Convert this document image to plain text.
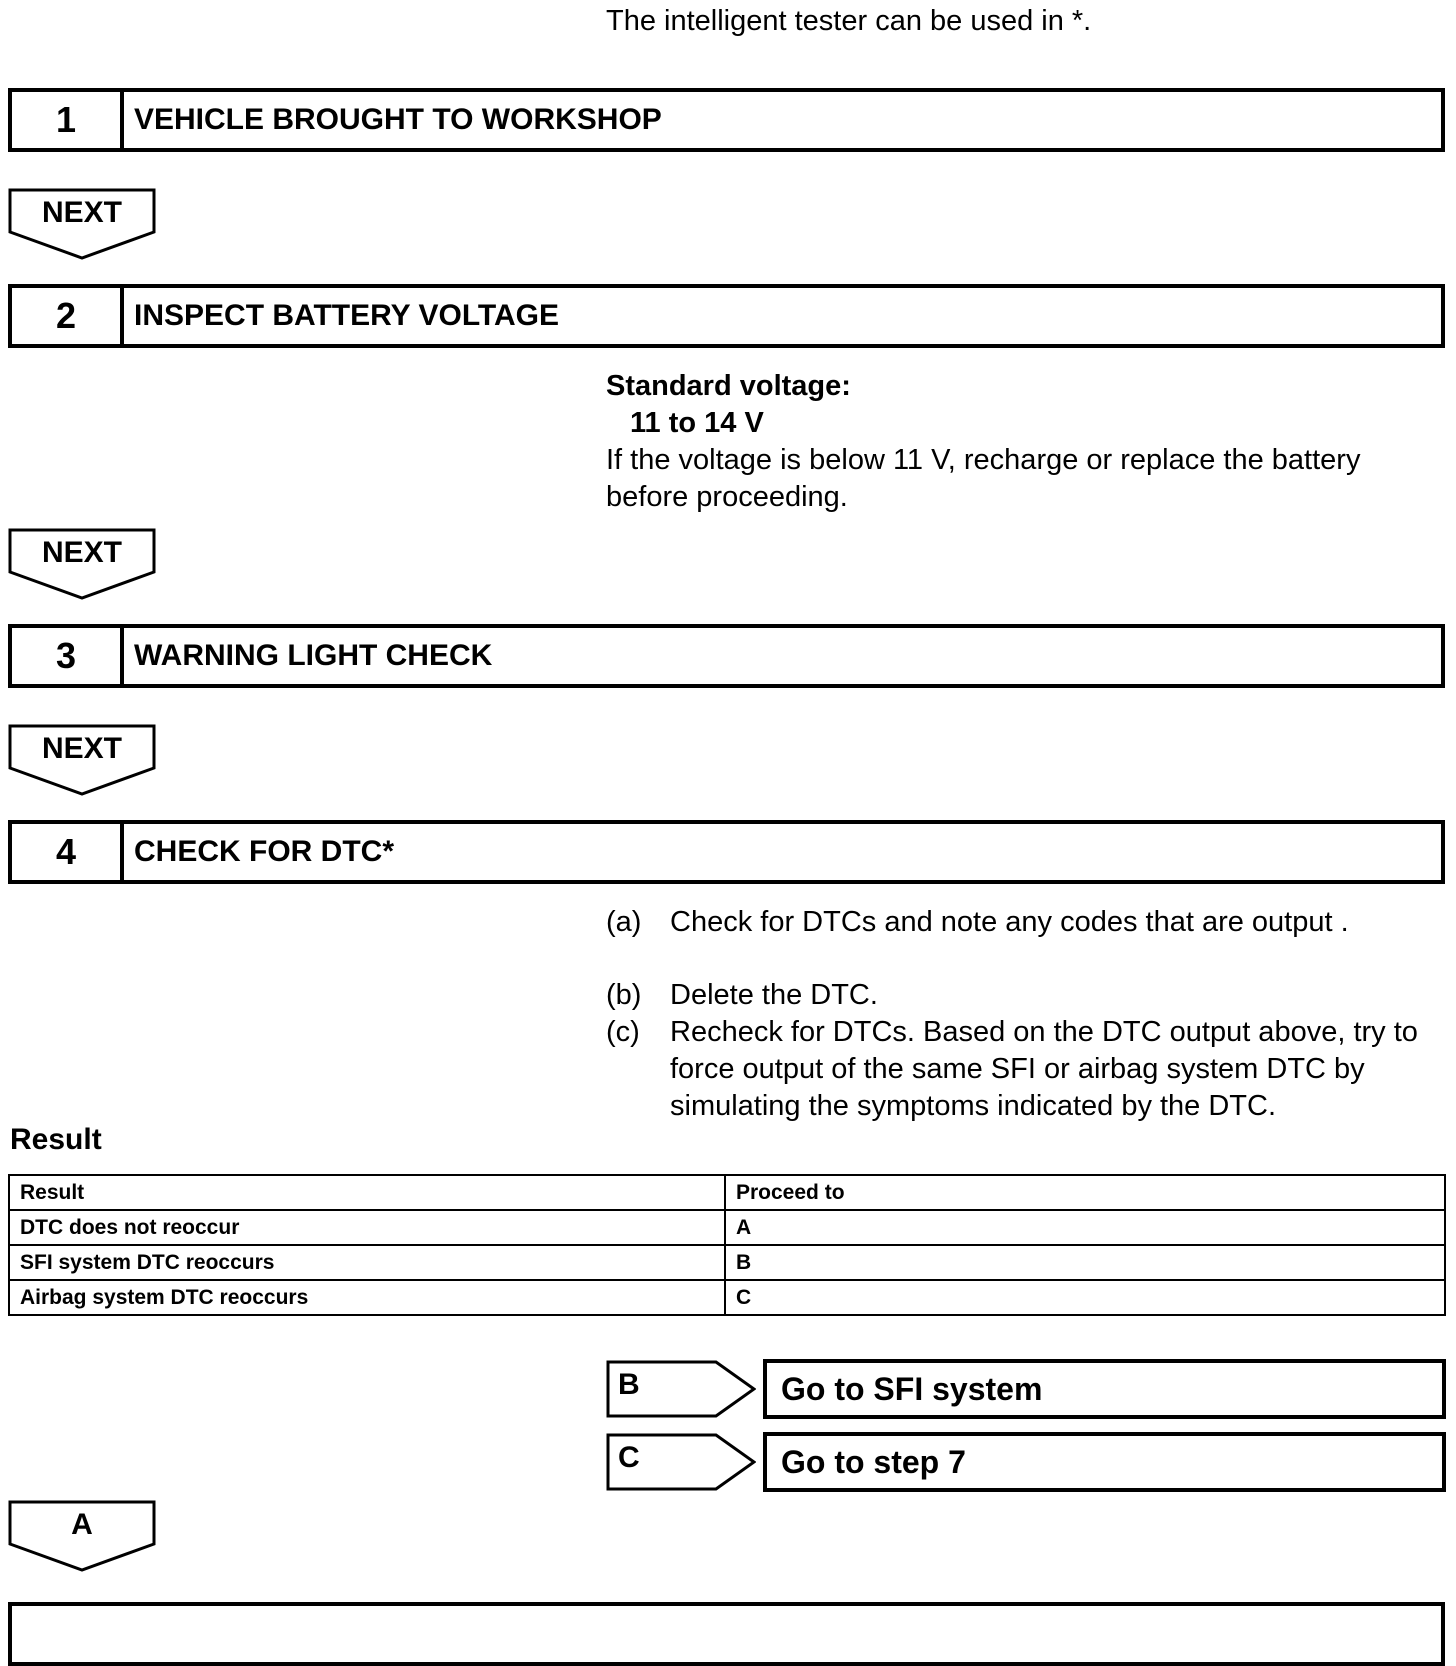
The intelligent tester can be used in *.
1	VEHICLE BROUGHT TO WORKSHOP
NEXT
2	INSPECT BATTERY VOLTAGE
Standard voltage:
11 to 14 V
If the voltage is below 11 V, recharge or replace the battery before proceeding.
NEXT
3	WARNING LIGHT CHECK
NEXT
4	CHECK FOR DTC*
(a) Check for DTCs and note any codes that are output .
(b) Delete the DTC.
(c) Recheck for DTCs. Based on the DTC output above, try to force output of the same SFI or airbag system DTC by simulating the symptoms indicated by the DTC.
Result
Result	Proceed to
DTC does not reoccur	A
SFI system DTC reoccurs	B
Airbag system DTC reoccurs	C
B	Go to SFI system
C	Go to step 7
A
